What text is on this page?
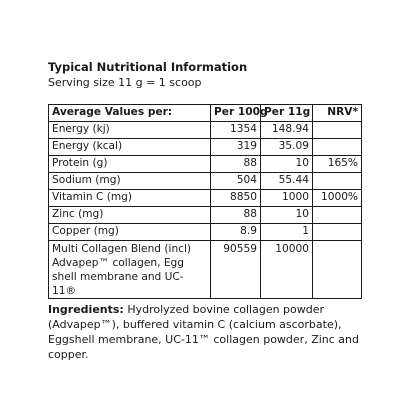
Typical Nutritional Information
Serving size 11 g = 1 scoop
Average Values per:	Per 100g	Per 11g	NRV*
Energy (kj)	1354	148.94	
Energy (kcal)	319	35.09	
Protein (g)	88	10	165%
Sodium (mg)	504	55.44	
Vitamin C (mg)	8850	1000	1000%
Zinc (mg)	88	10	
Copper (mg)	8.9	1	
Multi Collagen Blend (incl) Advapep™ collagen, Egg shell membrane and UC-11®	90559	10000	
Ingredients: Hydrolyzed bovine collagen powder (Advapep™), buffered vitamin C (calcium ascorbate), Eggshell membrane, UC-11™ collagen powder, Zinc and copper.
